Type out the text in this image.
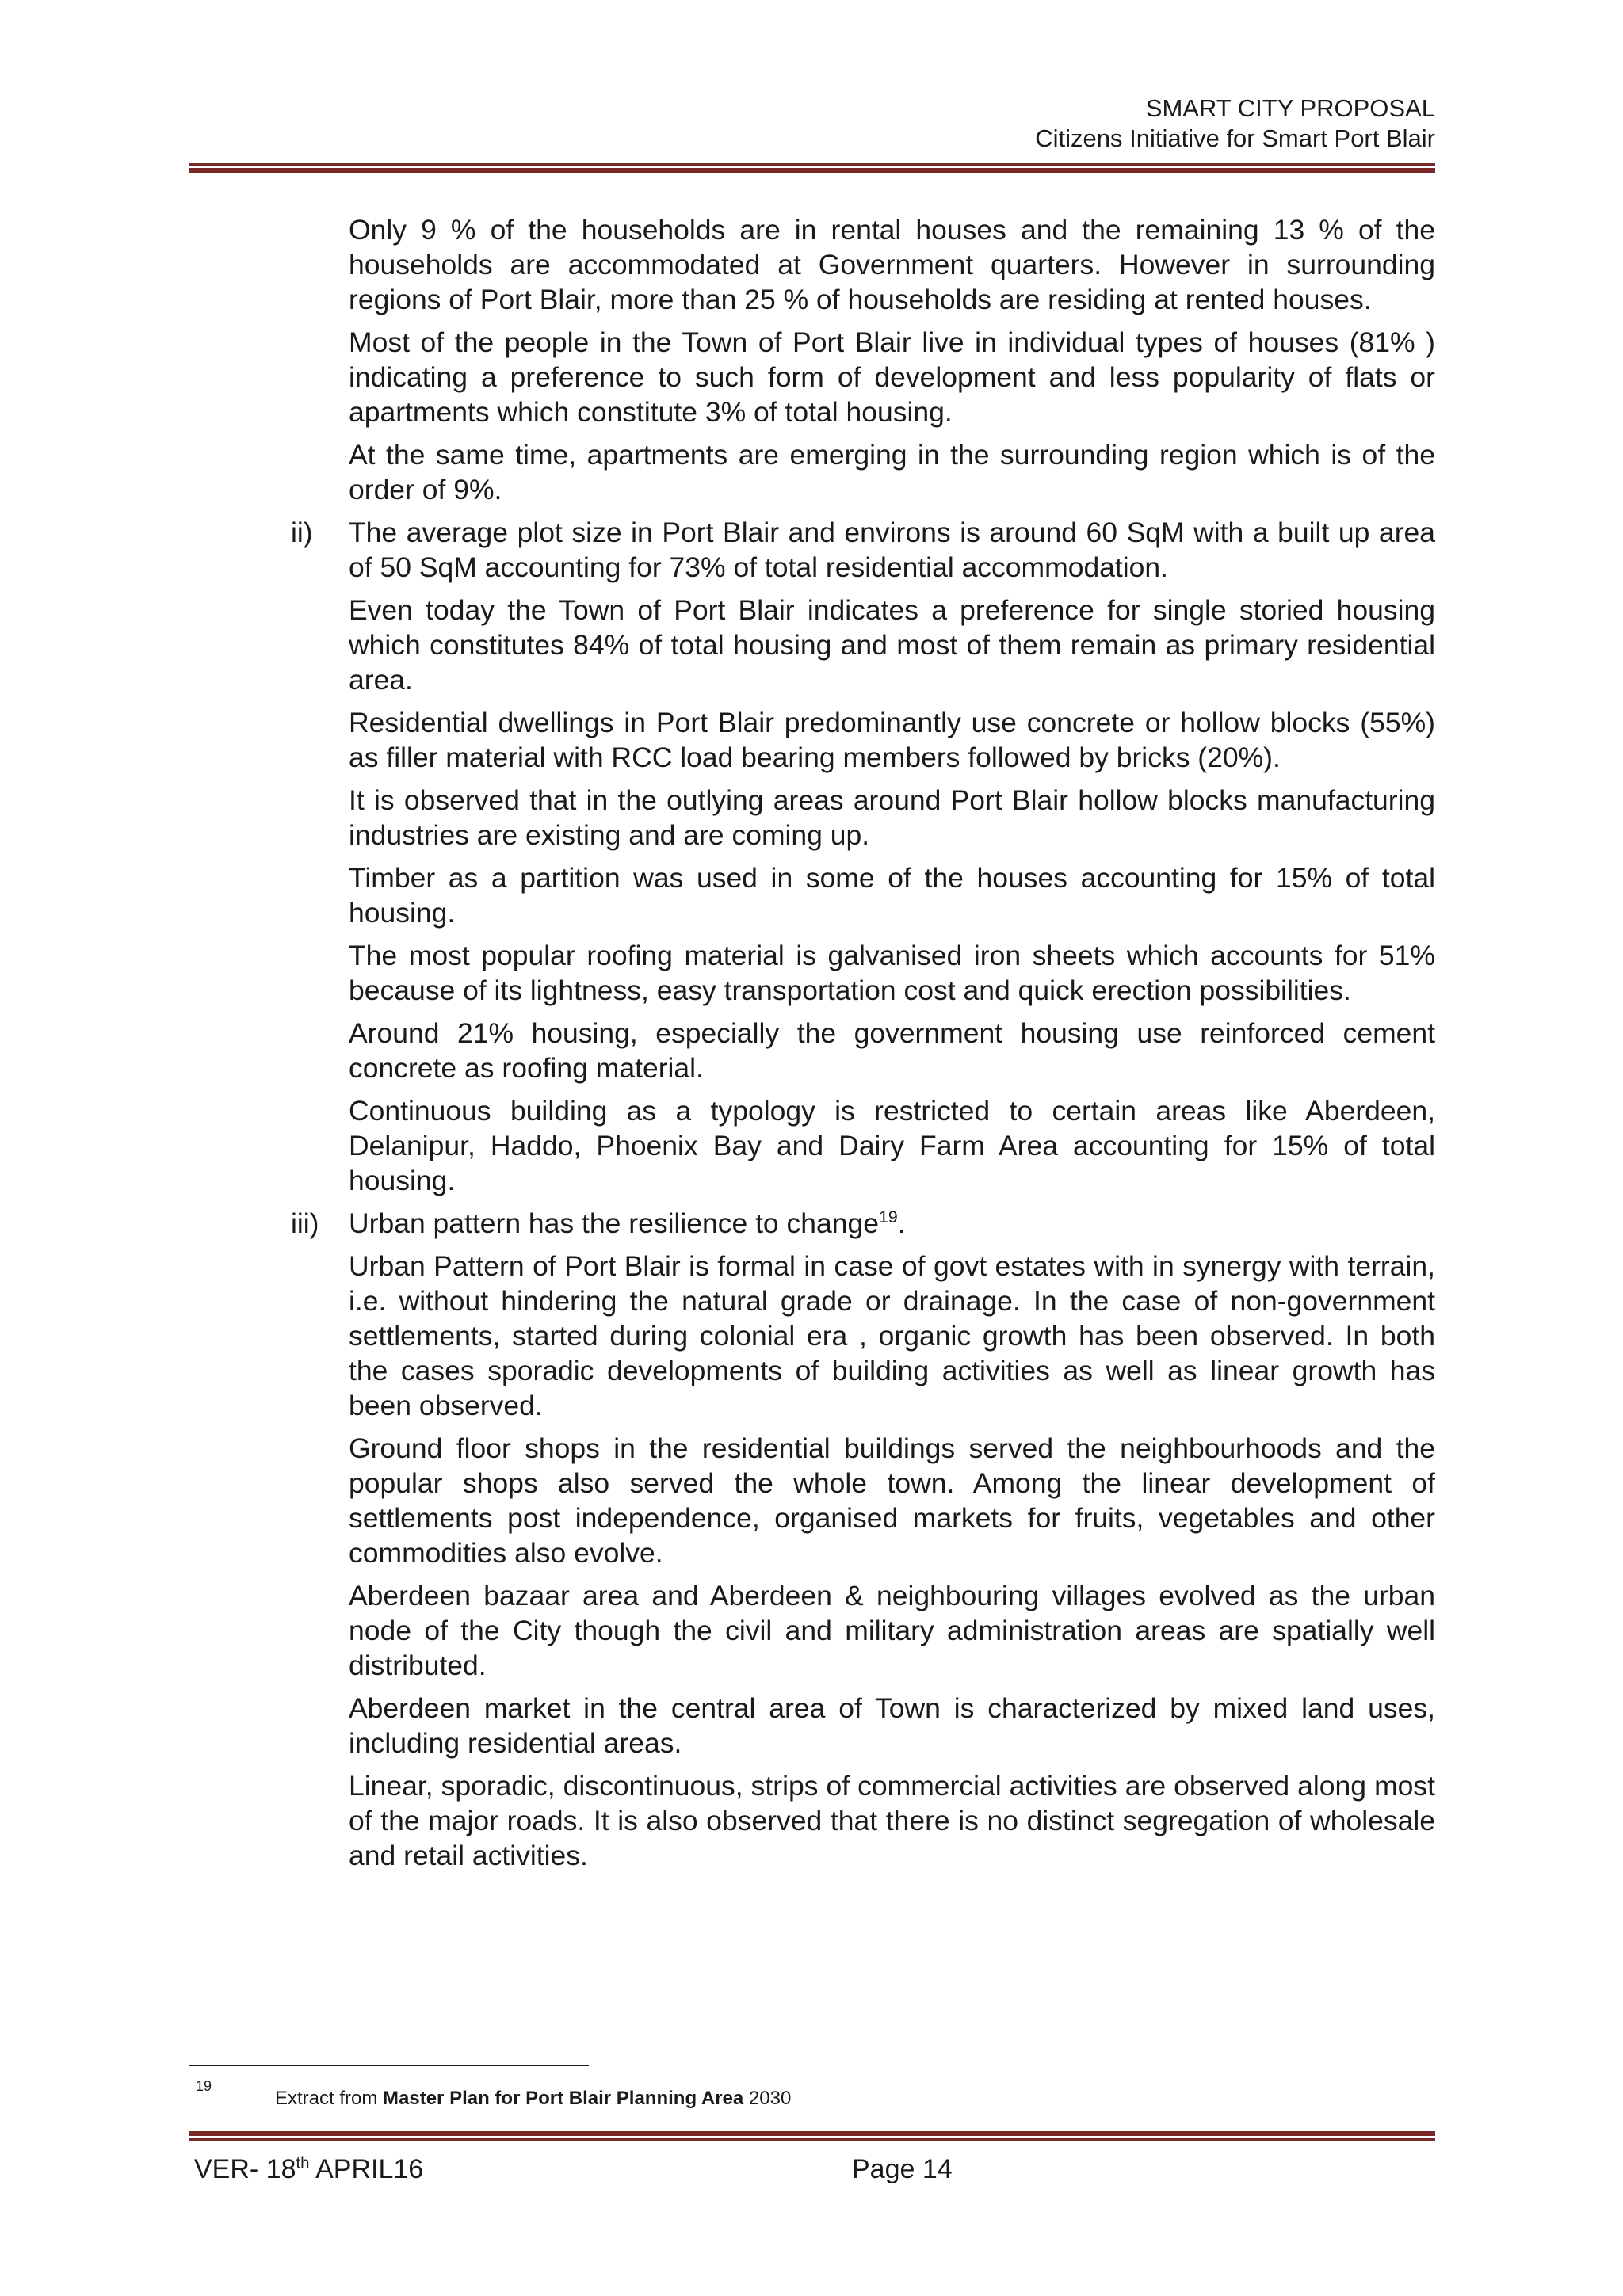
SMART CITY PROPOSAL
Citizens Initiative for Smart Port Blair

Only 9 % of the households are in rental houses and the remaining 13 % of the households are accommodated at Government quarters. However in surrounding regions of Port Blair, more than 25 % of households are residing at rented houses.

Most of the people in the Town of Port Blair live in individual types of houses (81% ) indicating a preference to such form of development and less popularity of flats or apartments which constitute 3% of total housing.

At the same time, apartments are emerging in the surrounding region which is of the order of 9%.

ii) The average plot size in Port Blair and environs is around 60 SqM with a built up area of 50 SqM accounting for 73% of total residential accommodation.

Even today the Town of Port Blair indicates a preference for single storied housing which constitutes 84% of total housing and most of them remain as primary residential area.

Residential dwellings in Port Blair predominantly use concrete or hollow blocks (55%) as filler material with RCC load bearing members followed by bricks (20%).

It is observed that in the outlying areas around Port Blair hollow blocks manufacturing industries are existing and are coming up.

Timber as a partition was used in some of the houses accounting for 15% of total housing.

The most popular roofing material is galvanised iron sheets which accounts for 51% because of its lightness, easy transportation cost and quick erection possibilities.

Around 21% housing, especially the government housing use reinforced cement concrete as roofing material.

Continuous building as a typology is restricted to certain areas like Aberdeen, Delanipur, Haddo, Phoenix Bay and Dairy Farm Area accounting for 15% of total housing.

iii) Urban pattern has the resilience to change$^{19}$.

Urban Pattern of Port Blair is formal in case of govt estates with in synergy with terrain, i.e. without hindering the natural grade or drainage. In the case of non-government settlements, started during colonial era , organic growth has been observed. In both the cases sporadic developments of building activities as well as linear growth has been observed.

Ground floor shops in the residential buildings served the neighbourhoods and the popular shops also served the whole town. Among the linear development of settlements post independence, organised markets for fruits, vegetables and other commodities also evolve.

Aberdeen bazaar area and Aberdeen & neighbouring villages evolved as the urban node of the City though the civil and military administration areas are spatially well distributed.

Aberdeen market in the central area of Town is characterized by mixed land uses, including residential areas.

Linear, sporadic, discontinuous, strips of commercial activities are observed along most of the major roads. It is also observed that there is no distinct segregation of wholesale and retail activities.

19
Extract from Master Plan for Port Blair Planning Area 2030
VER- 18th APRIL16	Page 14
